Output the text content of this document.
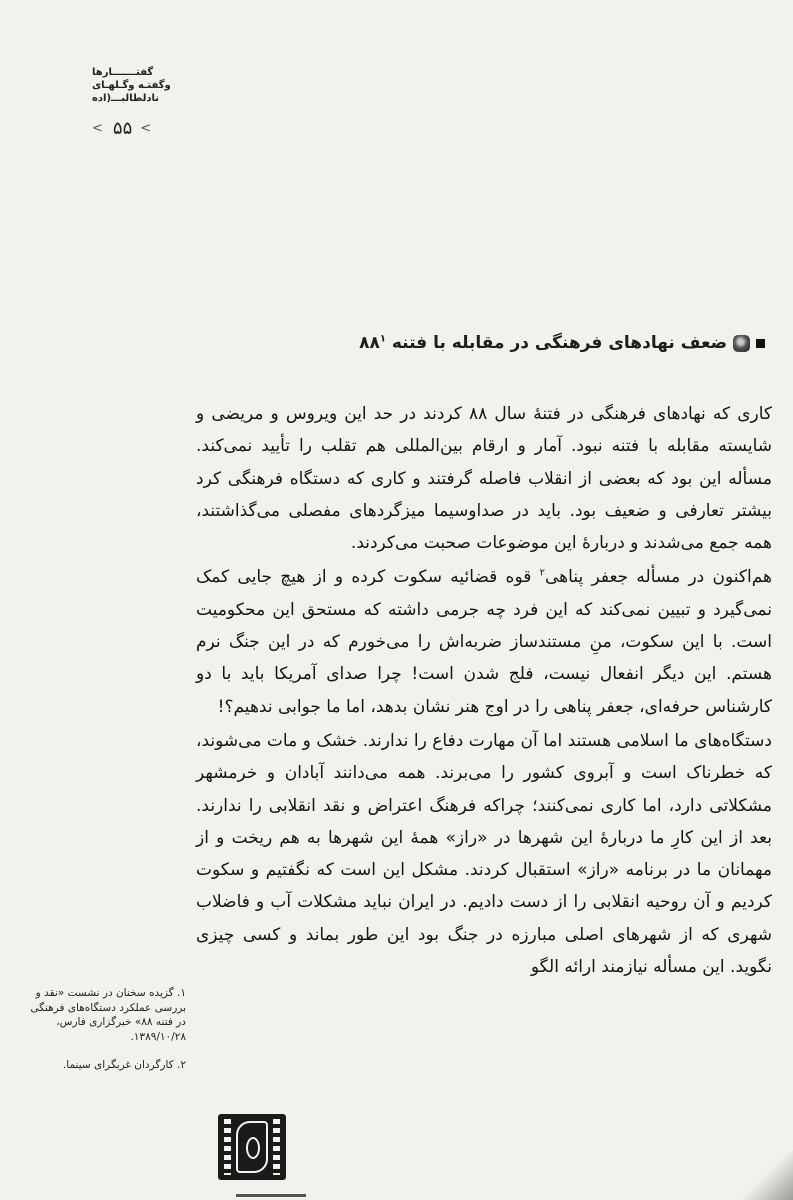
گفتـــــــارها
وگفتـه وگـلهـای
نادلطالبـــ(اده
< ۵۵ <
ضعف نهادهای فرهنگی در مقابله با فتنه $۸۸^۱$

کاری که نهادهای فرهنگی در فتنهٔ سال ۸۸ کردند در حد این ویروس و مریضی و شایسته مقابله با فتنه نبود. آمار و ارقام بین‌المللی هم تقلب را تأیید نمی‌کند. مسأله این بود که بعضی از انقلاب فاصله گرفتند و کاری که دستگاه فرهنگی کرد بیشتر تعارفی و ضعیف بود. باید در صداوسیما میزگردهای مفصلی می‌گذاشتند، همه جمع می‌شدند و دربارهٔ این موضوعات صحبت می‌کردند.

هم‌اکنون در مسأله جعفر پناهی$^۲$ قوه قضائیه سکوت کرده و از هیچ جایی کمک نمی‌گیرد و تبیین نمی‌کند که این فرد چه جرمی داشته که مستحق این محکومیت است. با این سکوت، منِ مستندساز ضربه‌اش را می‌خورم که در این جنگ نرم هستم. این دیگر انفعال نیست، فلج شدن است! چرا صدای آمریکا باید با دو کارشناس حرفه‌ای، جعفر پناهی را در اوج هنر نشان بدهد، اما ما جوابی ندهیم؟!

دستگاه‌های ما اسلامی هستند اما آن مهارت دفاع را ندارند. خشک و مات می‌شوند، که خطرناک است و آبروی کشور را می‌برند. همه می‌دانند آبادان و خرمشهر مشکلاتی دارد، اما کاری نمی‌کنند؛ چراکه فرهنگ اعتراض و نقد انقلابی را ندارند. بعد از این کارِ ما دربارهٔ این شهرها در «راز» همهٔ این شهرها به هم ریخت و از مهمانان ما در برنامه «راز» استقبال کردند. مشکل این است که نگفتیم و سکوت کردیم و آن روحیه انقلابی را از دست دادیم. در ایران نباید مشکلات آب و فاضلاب شهری که از شهرهای اصلی مبارزه در جنگ بود این طور بماند و کسی چیزی نگوید. این مسأله نیازمند ارائه الگو

۱. گزیده سخنان در نشست «نقد و بررسی عملکرد دستگاه‌های فرهنگی در فتنه ۸۸» خبرگزاری فارس، ۱۳۸۹/۱۰/۲۸.
۲. کارگردان غربگرای سینما.
